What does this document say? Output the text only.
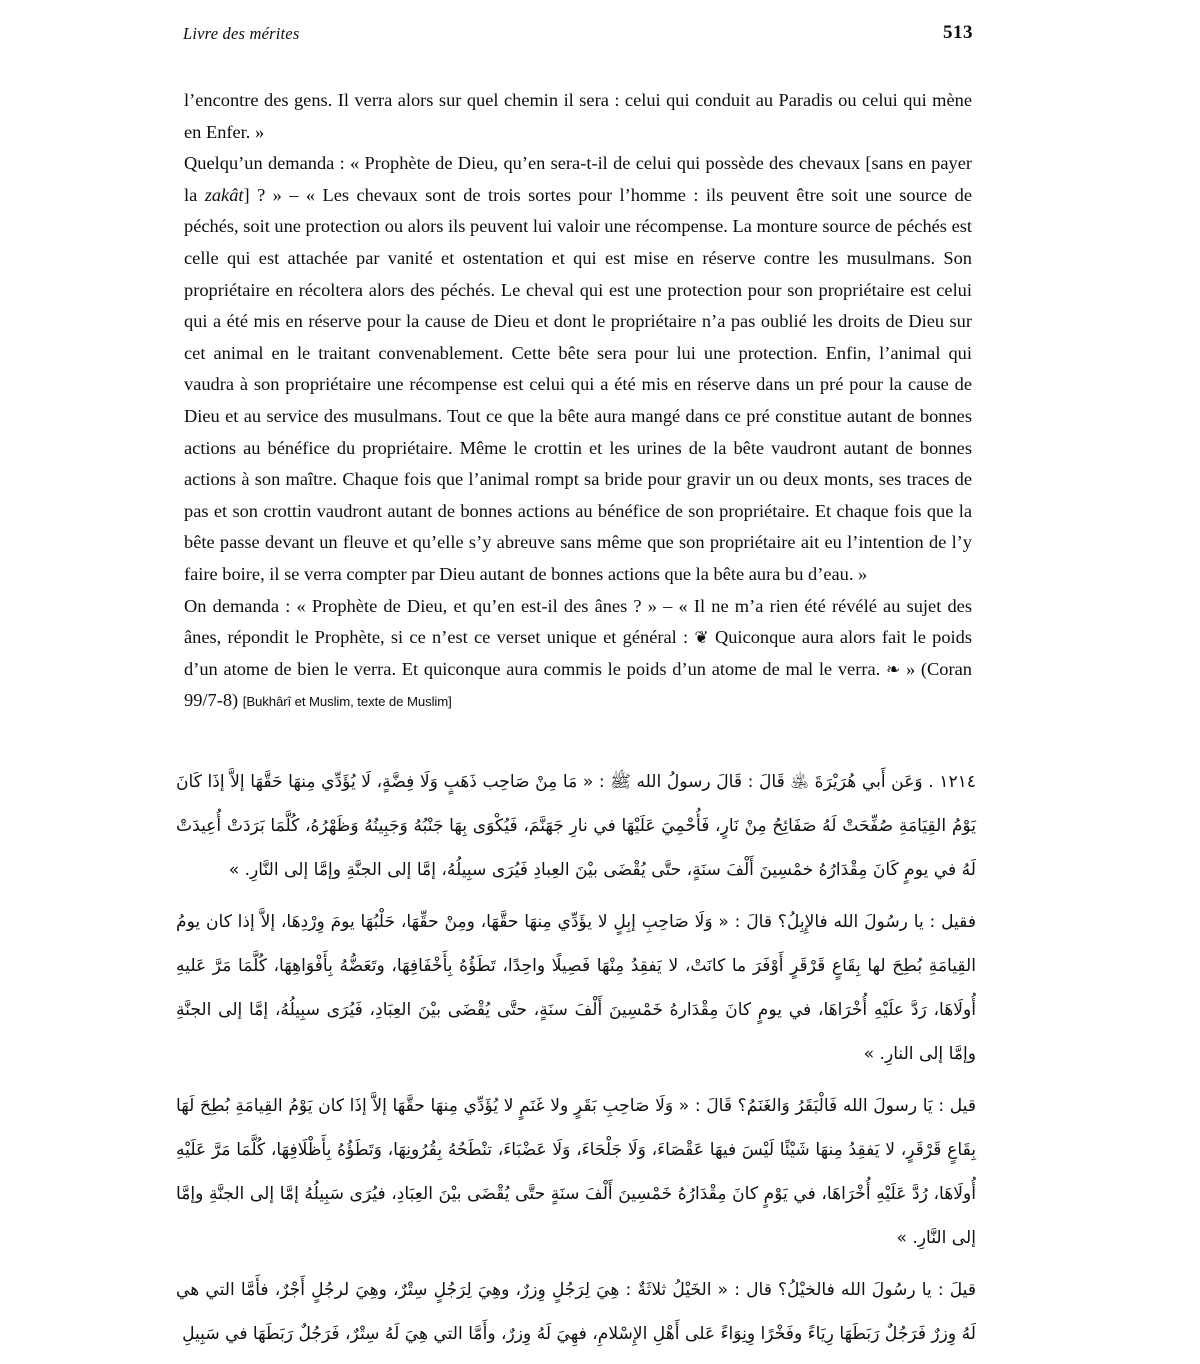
Livre des mérites	513

l’encontre des gens. Il verra alors sur quel chemin il sera : celui qui conduit au Paradis ou celui qui mène en Enfer. »

Quelqu’un demanda : « Prophète de Dieu, qu’en sera-t-il de celui qui possède des chevaux [sans en payer la zakât] ? » – « Les chevaux sont de trois sortes pour l’homme : ils peuvent être soit une source de péchés, soit une protection ou alors ils peuvent lui valoir une récompense. La monture source de péchés est celle qui est attachée par vanité et ostentation et qui est mise en réserve contre les musulmans. Son propriétaire en récoltera alors des péchés. Le cheval qui est une protection pour son propriétaire est celui qui a été mis en réserve pour la cause de Dieu et dont le propriétaire n’a pas oublié les droits de Dieu sur cet animal en le traitant convenablement. Cette bête sera pour lui une protection. Enfin, l’animal qui vaudra à son propriétaire une récompense est celui qui a été mis en réserve dans un pré pour la cause de Dieu et au service des musulmans. Tout ce que la bête aura mangé dans ce pré constitue autant de bonnes actions au bénéfice du propriétaire. Même le crottin et les urines de la bête vaudront autant de bonnes actions à son maître. Chaque fois que l’animal rompt sa bride pour gravir un ou deux monts, ses traces de pas et son crottin vaudront autant de bonnes actions au bénéfice de son propriétaire. Et chaque fois que la bête passe devant un fleuve et qu’elle s’y abreuve sans même que son propriétaire ait eu l’intention de l’y faire boire, il se verra compter par Dieu autant de bonnes actions que la bête aura bu d’eau. »

On demanda : « Prophète de Dieu, et qu’en est-il des ânes ? » – « Il ne m’a rien été révélé au sujet des ânes, répondit le Prophète, si ce n’est ce verset unique et général : ❦ Quiconque aura alors fait le poids d’un atome de bien le verra. Et quiconque aura commis le poids d’un atome de mal le verra. ❧ » (Coran 99/7-8) [Bukhârî et Muslim, texte de Muslim]

١٢١٤ . وَعَن أَبي هُرَيْرَةَ ﵁ قَالَ : قَالَ رسولُ الله ﷺ : « مَا مِنْ صَاحِب ذَهَبٍ وَلَا فِضَّةٍ، لَا يُؤَدِّي مِنهَا حَقَّهَا إلاَّ إذَا كَانَ يَوْمُ القِيَامَةِ صُفِّحَتْ لَهُ صَفَائِحُ مِنْ نَارٍ، فَأُحْمِيَ عَلَيْهَا في نارِ جَهَنَّمَ، فَيُكْوَى بِهَا جَنْبُهُ وَجَبِينُهُ وَظَهْرُهُ، كُلَّمَا بَرَدَتْ أُعِيدَتْ لَهُ في يومٍ كَانَ مِقْدَارُهُ خمْسِينَ أَلْفَ سنَةٍ، حتَّى يُقْضَى بيْنَ العِبادِ فَيُرَى سبِيلُهُ، إمَّا إلى الجنَّةِ وإمَّا إلى النَّارِ. »

فقيل : يا رسُولَ الله فالإِبِلُ؟ قالَ : « وَلَا صَاحِبِ إبِلٍ لا يؤَدِّي مِنهَا حقَّهَا، ومِنْ حقِّهَا، حَلْبُهَا يومَ وِرْدِهَا، إلاَّ إذا كان يومُ القِيامَةِ بُطِحَ لها بِقَاعٍ قَرْقَرٍ أَوْفَرَ ما كانَتْ، لا يَفقِدُ مِنْهَا فَصِيلًا واحِدًا، تَطَؤُهُ بِأَخْفَافِهَا، وتَعَضُّهُ بِأَفْوَاهِهَا، كُلَّمَا مَرَّ عَليهِ أُولَاهَا، رَدَّ علَيْهِ أُخْرَاهَا، في يومٍ كانَ مِقْدَارهُ خَمْسِينَ أَلْفَ سنَةٍ، حتَّى يُقْضَى بيْنَ العِبَادِ، فَيُرَى سبِيلُهُ، إمَّا إلى الجنَّةِ وإمَّا إلى النارِ. »

قيل : يَا رسولَ الله فَالْبَقَرُ وَالغَنَمُ؟ قَالَ : « وَلَا صَاحِبِ بَقَرٍ ولا غَنَمٍ لا يُؤَدِّي مِنهَا حقَّهَا إلاَّ إذَا كان يَوْمُ القِيامَةِ بُطِحَ لَهَا بِقَاعٍ قَرْقَرٍ، لا يَفقِدُ مِنهَا شَيْئًا لَيْسَ فيهَا عَقْصَاءَ، وَلَا جَلْحَاءَ، وَلَا عَضْبَاءَ، تنْطَحُهُ بِقُرُونِهَا، وَتَطَؤُهُ بِأَظْلَافِهَا، كُلَّمَا مَرَّ عَلَيْهِ أُولَاهَا، رُدَّ عَلَيْهِ أُخْرَاهَا، في يَوْمٍ كانَ مِقْدَارُهُ خَمْسِينَ أَلْفَ سنَةٍ حتَّى يُقْضَى بيْنَ العِبَادِ، فيُرَى سَبِيلُهُ إمَّا إلى الجنَّةِ وإمَّا إلى النَّارِ. »

قيلَ : يا رسُولَ الله فالخيْلُ؟ قال : « الخَيْلُ ثلاثَةٌ : هِيَ لِرَجُلٍ وِزرٌ، وهِيَ لِرَجُلٍ سِتْرٌ، وهِيَ لرجُلٍ أَجْرٌ، فأَمَّا التي هي لَهُ وِزرٌ فَرَجُلٌ رَبَطَهَا رِيَاءً وفَخْرًا وِنِوَاءً عَلى أَهْلِ الإِسْلامِ، فهِيَ لَهُ وِزرٌ، وأَمَّا التي هِيَ لَهُ سِتْرٌ، فَرَجُلٌ رَبَطَهَا في سَبِيلِ
